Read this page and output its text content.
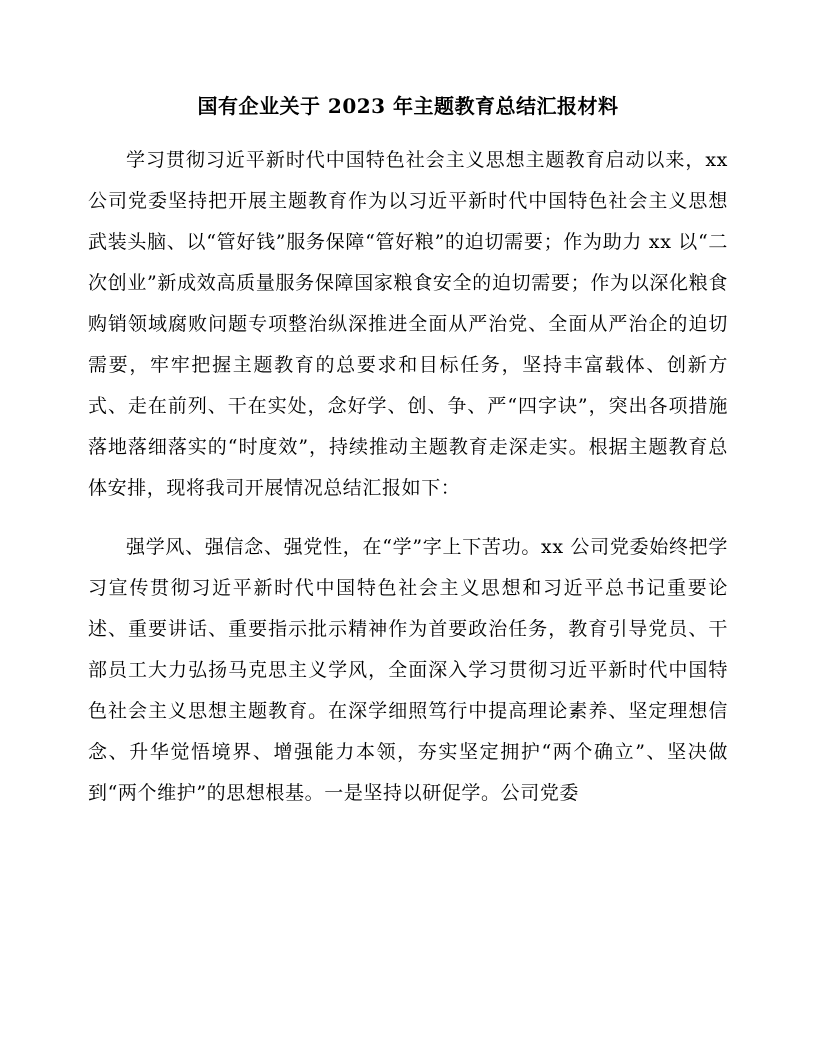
国有企业关于 2023 年主题教育总结汇报材料

学习贯彻习近平新时代中国特色社会主义思想主题教育启动以来，xx 公司党委坚持把开展主题教育作为以习近平新时代中国特色社会主义思想武装头脑、以“管好钱”服务保障“管好粮”的迫切需要；作为助力 xx 以“二次创业”新成效高质量服务保障国家粮食安全的迫切需要；作为以深化粮食购销领域腐败问题专项整治纵深推进全面从严治党、全面从严治企的迫切需要，牢牢把握主题教育的总要求和目标任务，坚持丰富载体、创新方式、走在前列、干在实处，念好学、创、争、严“四字诀”，突出各项措施落地落细落实的“时度效”，持续推动主题教育走深走实。根据主题教育总体安排，现将我司开展情况总结汇报如下：

强学风、强信念、强党性，在“学”字上下苦功。xx 公司党委始终把学习宣传贯彻习近平新时代中国特色社会主义思想和习近平总书记重要论述、重要讲话、重要指示批示精神作为首要政治任务，教育引导党员、干部员工大力弘扬马克思主义学风，全面深入学习贯彻习近平新时代中国特色社会主义思想主题教育。在深学细照笃行中提高理论素养、坚定理想信念、升华觉悟境界、增强能力本领，夯实坚定拥护“两个确立”、坚决做到“两个维护”的思想根基。一是坚持以研促学。公司党委
